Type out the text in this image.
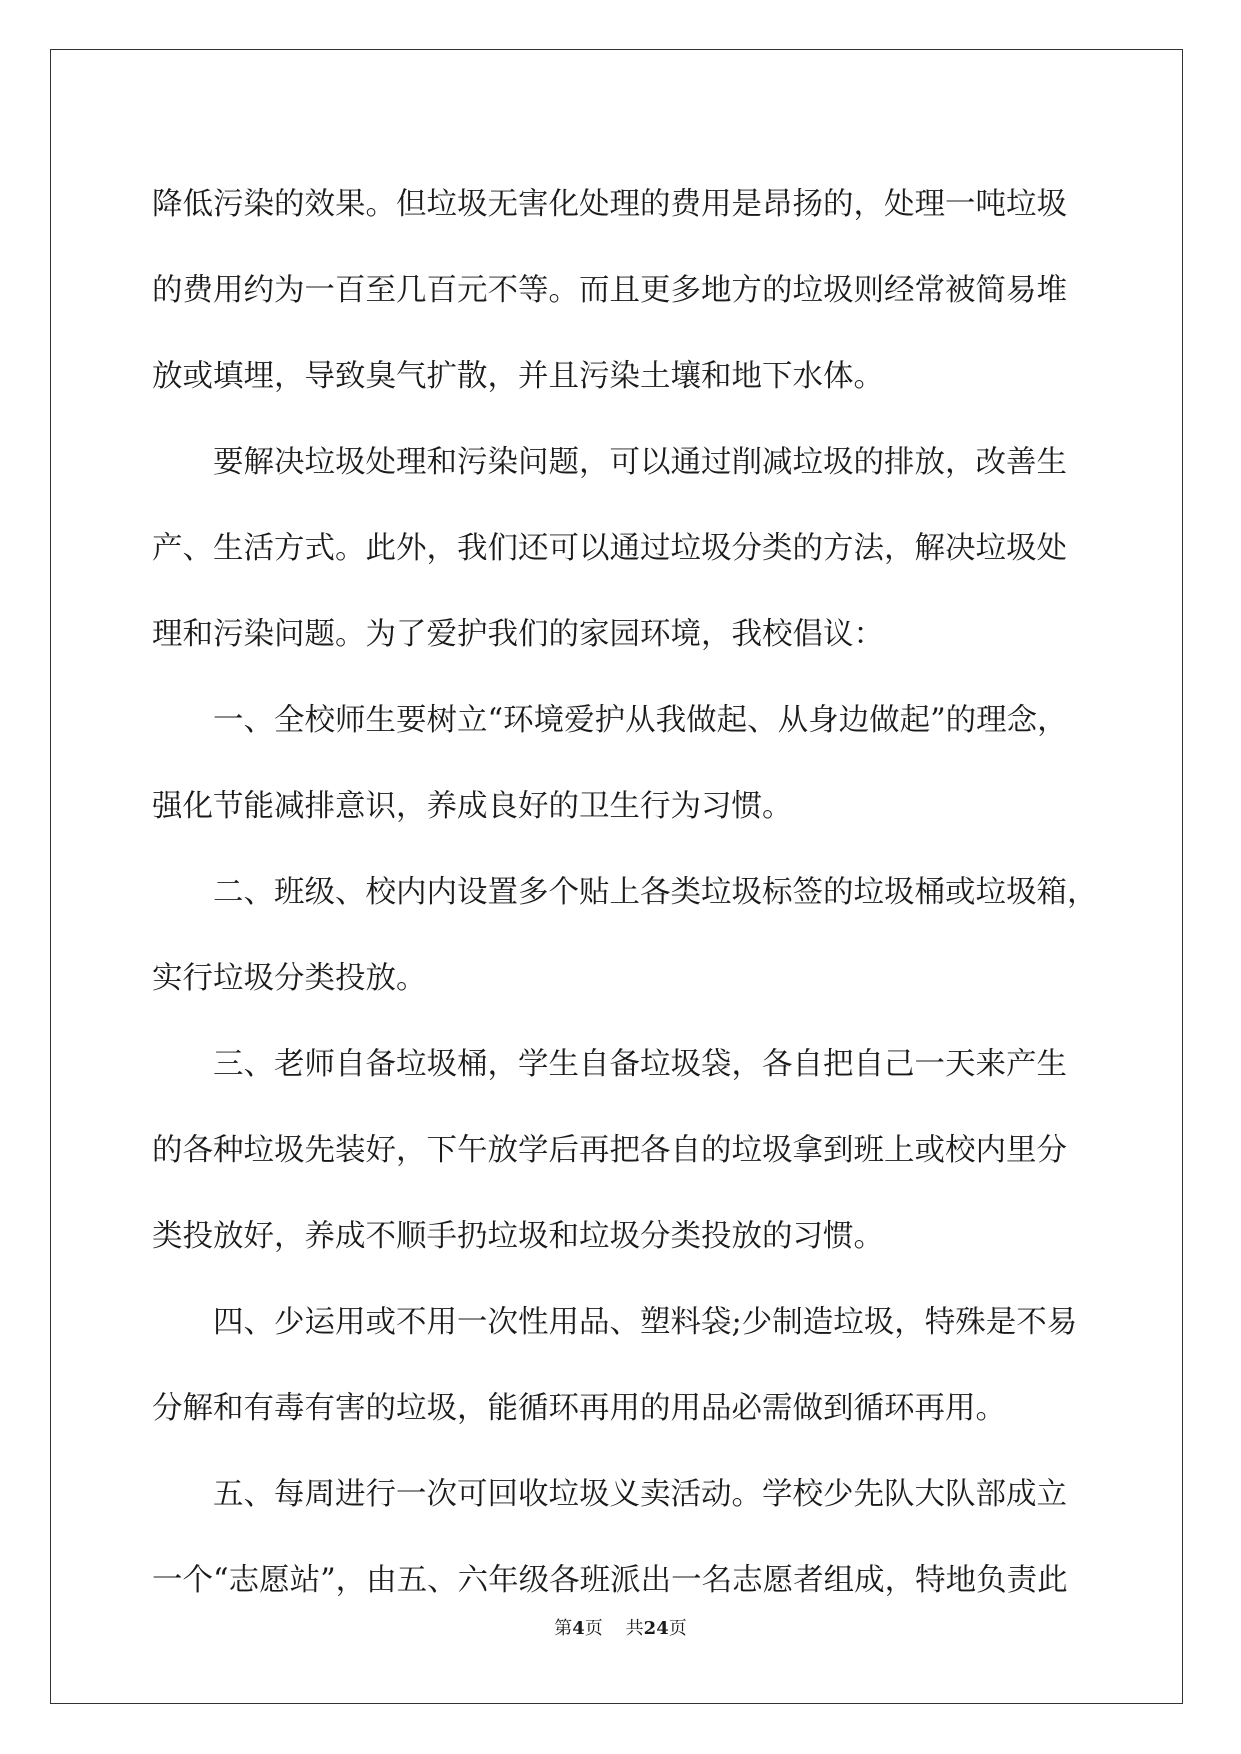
降低污染的效果。但垃圾无害化处理的费用是昂扬的，处理一吨垃圾

的费用约为一百至几百元不等。而且更多地方的垃圾则经常被简易堆

放或填埋，导致臭气扩散，并且污染土壤和地下水体。

要解决垃圾处理和污染问题，可以通过削减垃圾的排放，改善生

产、生活方式。此外，我们还可以通过垃圾分类的方法，解决垃圾处

理和污染问题。为了爱护我们的家园环境，我校倡议：

一、全校师生要树立“环境爱护从我做起、从身边做起”的理念，

强化节能减排意识，养成良好的卫生行为习惯。

二、班级、校内内设置多个贴上各类垃圾标签的垃圾桶或垃圾箱，

实行垃圾分类投放。

三、老师自备垃圾桶，学生自备垃圾袋，各自把自己一天来产生

的各种垃圾先装好，下午放学后再把各自的垃圾拿到班上或校内里分

类投放好，养成不顺手扔垃圾和垃圾分类投放的习惯。

四、少运用或不用一次性用品、塑料袋;少制造垃圾，特殊是不易

分解和有毒有害的垃圾，能循环再用的用品必需做到循环再用。

五、每周进行一次可回收垃圾义卖活动。学校少先队大队部成立

一个“志愿站”，由五、六年级各班派出一名志愿者组成，特地负责此

第4页 共24页
